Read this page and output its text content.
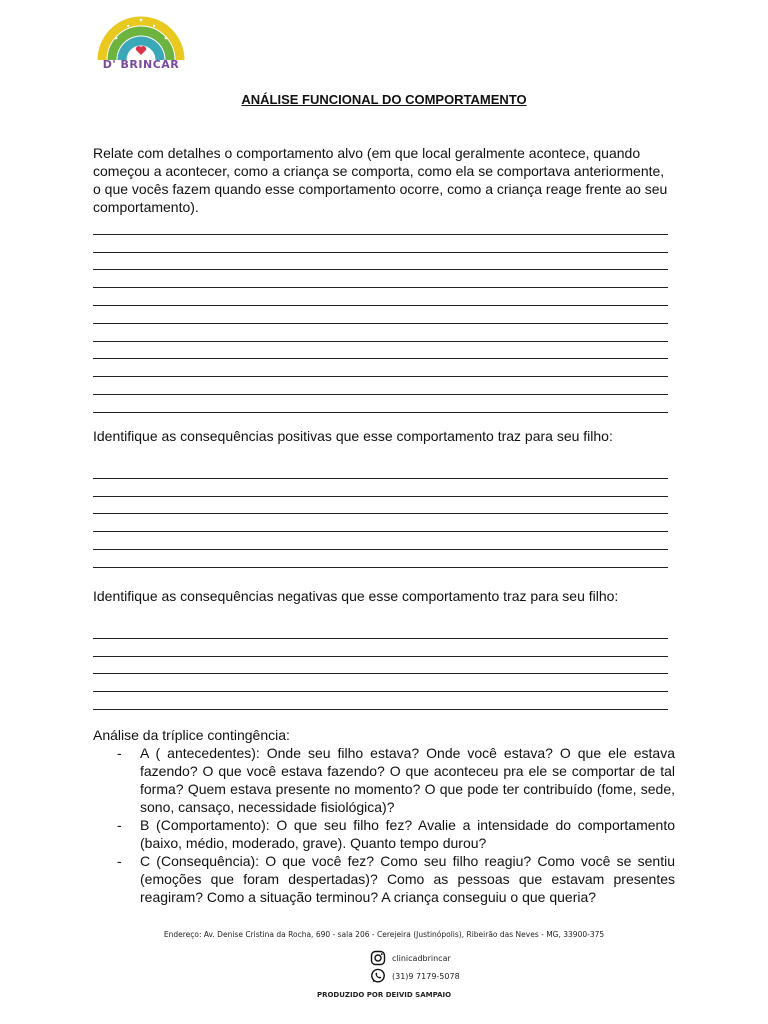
D' BRINCAR
ANÁLISE FUNCIONAL DO COMPORTAMENTO
Relate com detalhes o comportamento alvo (em que local geralmente acontece, quando começou a acontecer, como a criança se comporta, como ela se comportava anteriormente, o que vocês fazem quando esse comportamento ocorre, como a criança reage frente ao seu comportamento).
Identifique as consequências positivas que esse comportamento traz para seu filho:
Identifique as consequências negativas que esse comportamento traz para seu filho:
Análise da tríplice contingência:
- A ( antecedentes): Onde seu filho estava? Onde você estava? O que ele estava fazendo? O que você estava fazendo? O que aconteceu pra ele se comportar de tal forma? Quem estava presente no momento? O que pode ter contribuído (fome, sede, sono, cansaço, necessidade fisiológica)?
- B (Comportamento): O que seu filho fez? Avalie a intensidade do comportamento (baixo, médio, moderado, grave). Quanto tempo durou?
- C (Consequência): O que você fez? Como seu filho reagiu? Como você se sentiu (emoções que foram despertadas)? Como as pessoas que estavam presentes reagiram? Como a situação terminou? A criança conseguiu o que queria?
Endereço: Av. Denise Cristina da Rocha, 690 - sala 206 - Cerejeira (Justinópolis), Ribeirão das Neves - MG, 33900-375
clinicadbrincar
(31)9 7179-5078
PRODUZIDO POR DEIVID SAMPAIO
